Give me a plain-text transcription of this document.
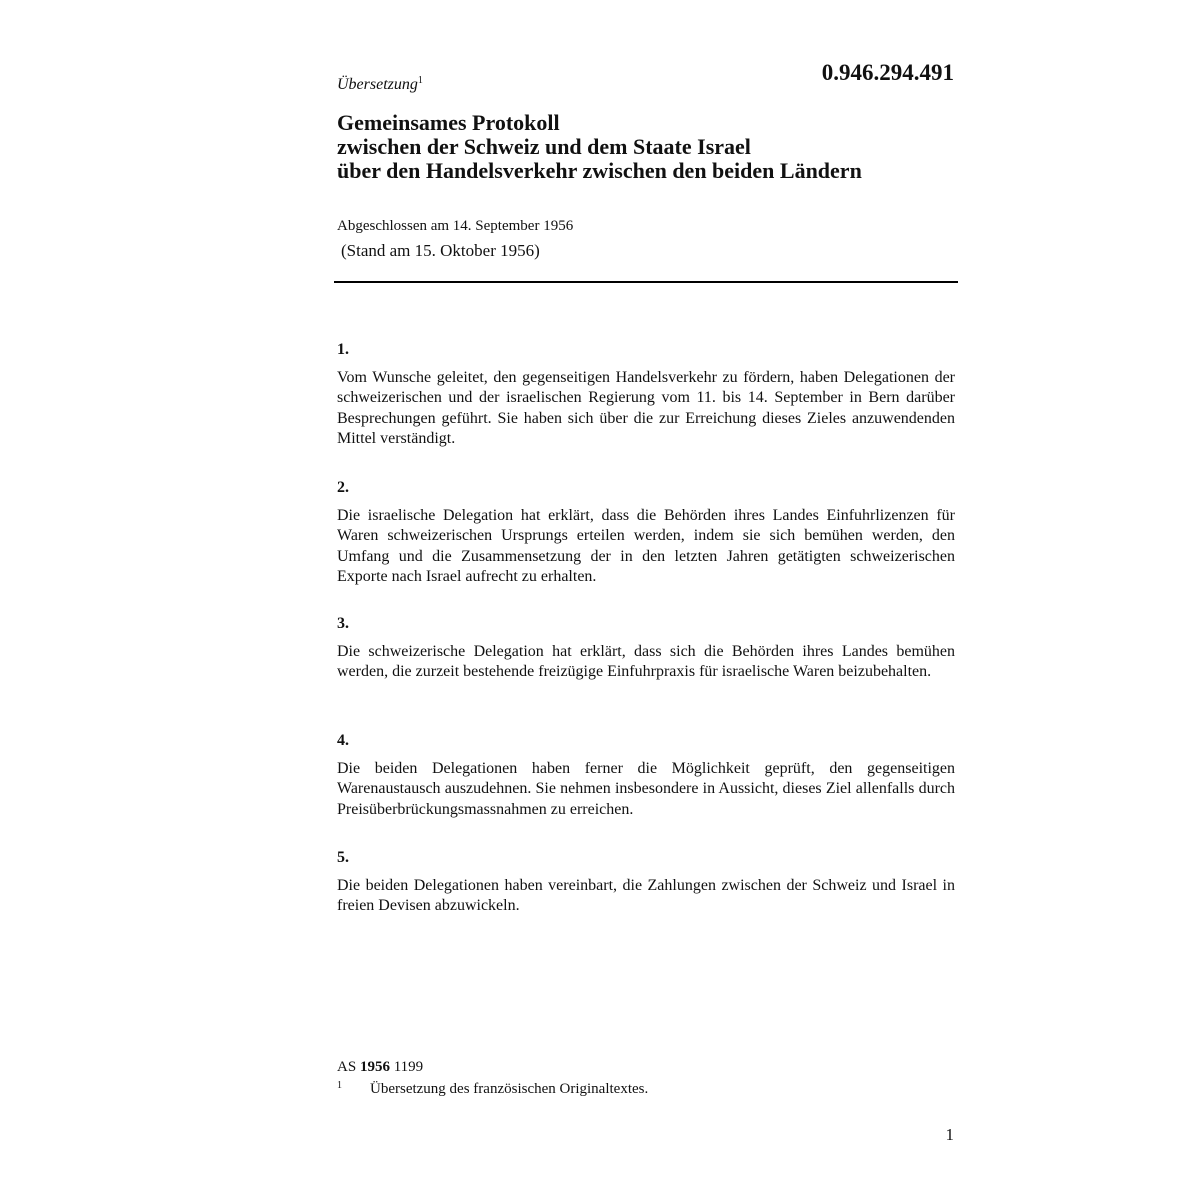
Übersetzung$^1$	0.946.294.491
Gemeinsames Protokoll
zwischen der Schweiz und dem Staate Israel
über den Handelsverkehr zwischen den beiden Ländern
Abgeschlossen am 14. September 1956
(Stand am 15. Oktober 1956)
1.

Vom Wunsche geleitet, den gegenseitigen Handelsverkehr zu fördern, haben Delegationen der schweizerischen und der israelischen Regierung vom 11. bis 14. September in Bern darüber Besprechungen geführt. Sie haben sich über die zur Erreichung dieses Zieles anzuwendenden Mittel verständigt.

2.

Die israelische Delegation hat erklärt, dass die Behörden ihres Landes Einfuhrlizenzen für Waren schweizerischen Ursprungs erteilen werden, indem sie sich bemühen werden, den Umfang und die Zusammensetzung der in den letzten Jahren getätigten schweizerischen Exporte nach Israel aufrecht zu erhalten.

3.

Die schweizerische Delegation hat erklärt, dass sich die Behörden ihres Landes bemühen werden, die zurzeit bestehende freizügige Einfuhrpraxis für israelische Waren beizubehalten.

4.

Die beiden Delegationen haben ferner die Möglichkeit geprüft, den gegenseitigen Warenaustausch auszudehnen. Sie nehmen insbesondere in Aussicht, dieses Ziel allenfalls durch Preisüberbrückungsmassnahmen zu erreichen.

5.

Die beiden Delegationen haben vereinbart, die Zahlungen zwischen der Schweiz und Israel in freien Devisen abzuwickeln.

AS 1956 1199
1 Übersetzung des französischen Originaltextes.
1
